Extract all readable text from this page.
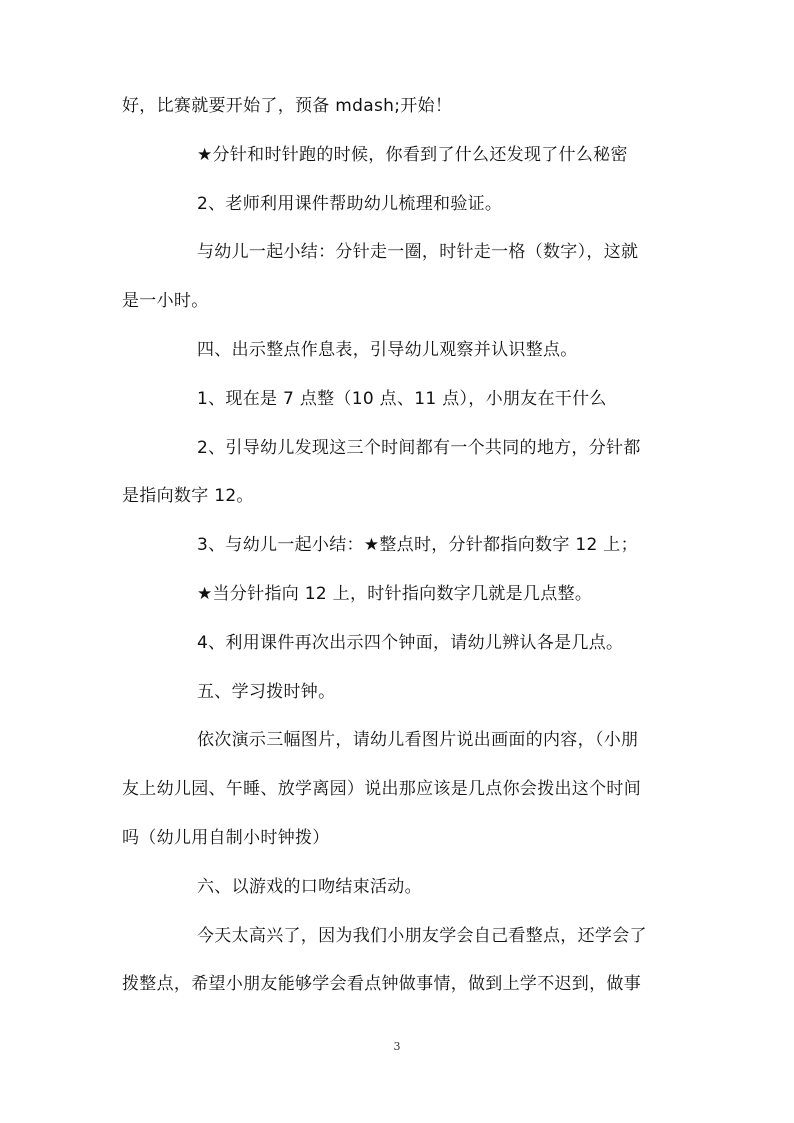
好，比赛就要开始了，预备 mdash;开始！

★分针和时针跑的时候，你看到了什么还发现了什么秘密

2、老师利用课件帮助幼儿梳理和验证。

与幼儿一起小结：分针走一圈，时针走一格（数字），这就

是一小时。

四、出示整点作息表，引导幼儿观察并认识整点。

1、现在是 7 点整（10 点、11 点），小朋友在干什么

2、引导幼儿发现这三个时间都有一个共同的地方，分针都

是指向数字 12。

3、与幼儿一起小结：★整点时，分针都指向数字 12 上；

★当分针指向 12 上，时针指向数字几就是几点整。

4、利用课件再次出示四个钟面，请幼儿辨认各是几点。

五、学习拨时钟。

依次演示三幅图片，请幼儿看图片说出画面的内容，（小朋

友上幼儿园、午睡、放学离园）说出那应该是几点你会拨出这个时间

吗（幼儿用自制小时钟拨）

六、以游戏的口吻结束活动。

今天太高兴了，因为我们小朋友学会自己看整点，还学会了

拨整点，希望小朋友能够学会看点钟做事情，做到上学不迟到，做事

3
